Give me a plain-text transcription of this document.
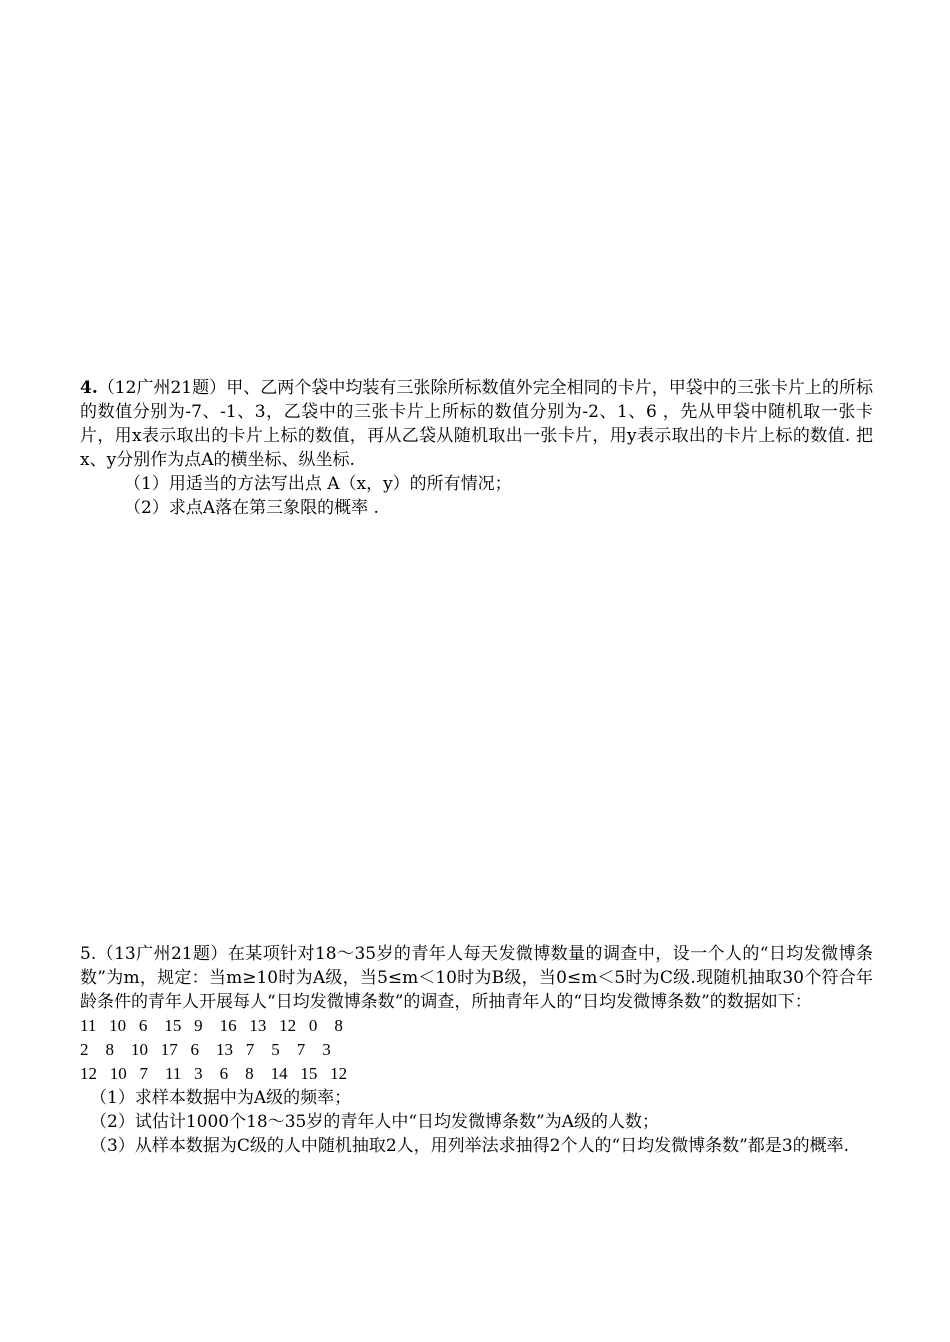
4.（12广州21题）甲、乙两个袋中均装有三张除所标数值外完全相同的卡片，甲袋中的三张卡片上的所标的数值分别为-7、-1、3，乙袋中的三张卡片上所标的数值分别为-2、1、6 ，先从甲袋中随机取一张卡片，用x表示取出的卡片上标的数值，再从乙袋从随机取出一张卡片，用y表示取出的卡片上标的数值. 把x、y分别作为点A的横坐标、纵坐标.

（1）用适当的方法写出点 A（x，y）的所有情况；

（2）求点A落在第三象限的概率 .

5.（13广州21题）在某项针对18～35岁的青年人每天发微博数量的调查中，设一个人的“日均发微博条数”为m，规定：当m≥10时为A级，当5≤m＜10时为B级，当0≤m＜5时为C级.现随机抽取30个符合年龄条件的青年人开展每人“日均发微博条数”的调查，所抽青年人的“日均发微博条数”的数据如下：

11   10   6    15   9    16   13   12   0    8

2    8    10   17   6    13   7    5    7    3

12   10   7    11   3    6    8    14   15   12

（1）求样本数据中为A级的频率；

（2）试估计1000个18～35岁的青年人中“日均发微博条数”为A级的人数；

（3）从样本数据为C级的人中随机抽取2人，用列举法求抽得2个人的“日均发微博条数”都是3的概率.
